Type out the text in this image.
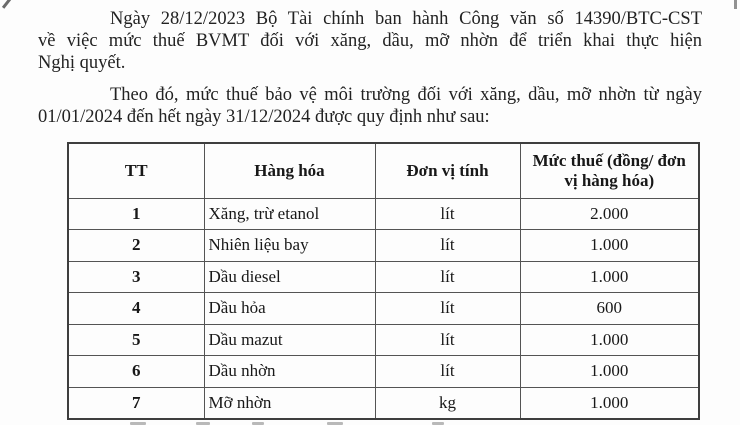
Ngày 28/12/2023 Bộ Tài chính ban hành Công văn số 14390/BTC-CST
về việc mức thuế BVMT đối với xăng, dầu, mỡ nhờn để triển khai thực hiện
Nghị quyết.
Theo đó, mức thuế bảo vệ môi trường đối với xăng, dầu, mỡ nhờn từ ngày
01/01/2024 đến hết ngày 31/12/2024 được quy định như sau:
TT	Hàng hóa	Đơn vị tính	Mức thuế (đồng/ đơn vị hàng hóa)
1	Xăng, trừ etanol	lít	2.000
2	Nhiên liệu bay	lít	1.000
3	Dầu diesel	lít	1.000
4	Dầu hỏa	lít	600
5	Dầu mazut	lít	1.000
6	Dầu nhờn	lít	1.000
7	Mỡ nhờn	kg	1.000
